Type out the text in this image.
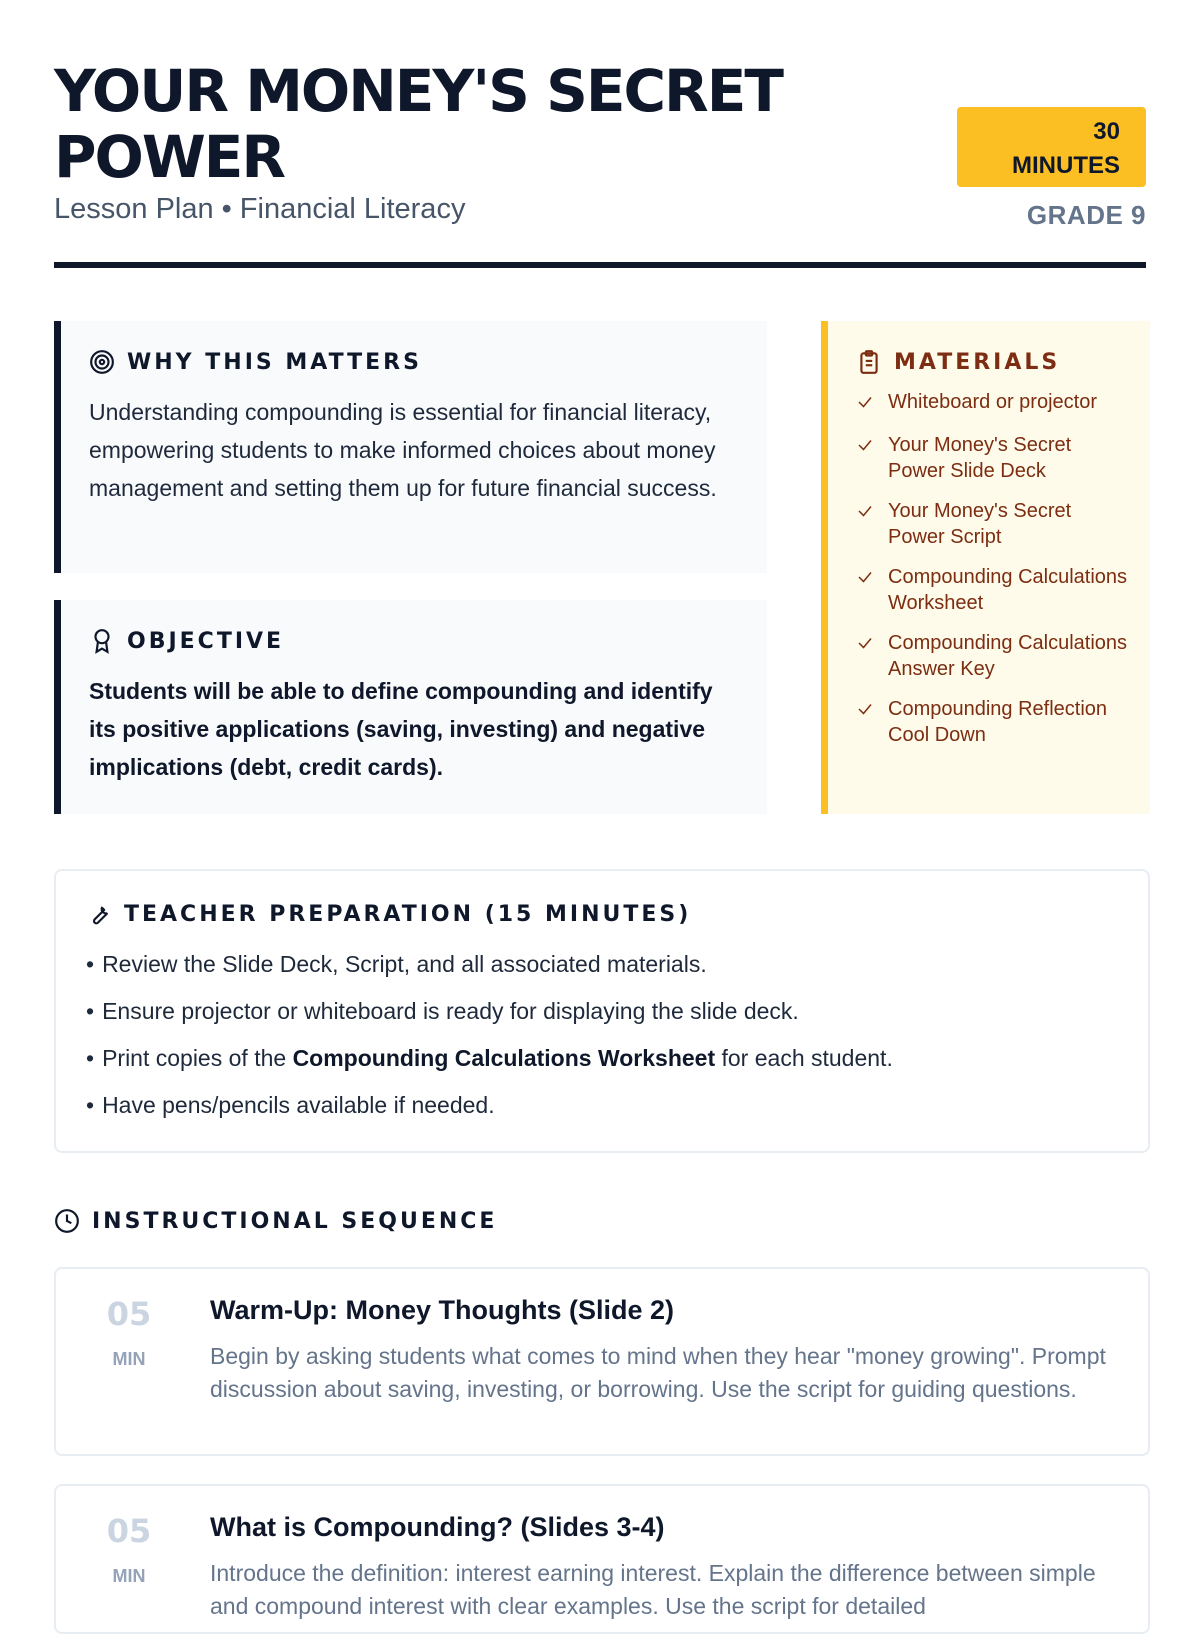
YOUR MONEY'S SECRET POWER
Lesson Plan • Financial Literacy
30
MINUTES
GRADE 9
WHY THIS MATTERS

Understanding compounding is essential for financial literacy, empowering students to make informed choices about money management and setting them up for future financial success.

OBJECTIVE

Students will be able to define compounding and identify its positive applications (saving, investing) and negative implications (debt, credit cards).

MATERIALS
Whiteboard or projector
Your Money's Secret Power Slide Deck
Your Money's Secret Power Script
Compounding Calculations Worksheet
Compounding Calculations Answer Key
Compounding Reflection Cool Down
TEACHER PREPARATION (15 MINUTES)
• Review the Slide Deck, Script, and all associated materials.
• Ensure projector or whiteboard is ready for displaying the slide deck.
• Print copies of the Compounding Calculations Worksheet for each student.
• Have pens/pencils available if needed.
INSTRUCTIONAL SEQUENCE
05
MIN
Warm-Up: Money Thoughts (Slide 2)

Begin by asking students what comes to mind when they hear "money growing". Prompt discussion about saving, investing, or borrowing. Use the script for guiding questions.

05
MIN
What is Compounding? (Slides 3-4)

Introduce the definition: interest earning interest. Explain the difference between simple and compound interest with clear examples. Use the script for detailed
